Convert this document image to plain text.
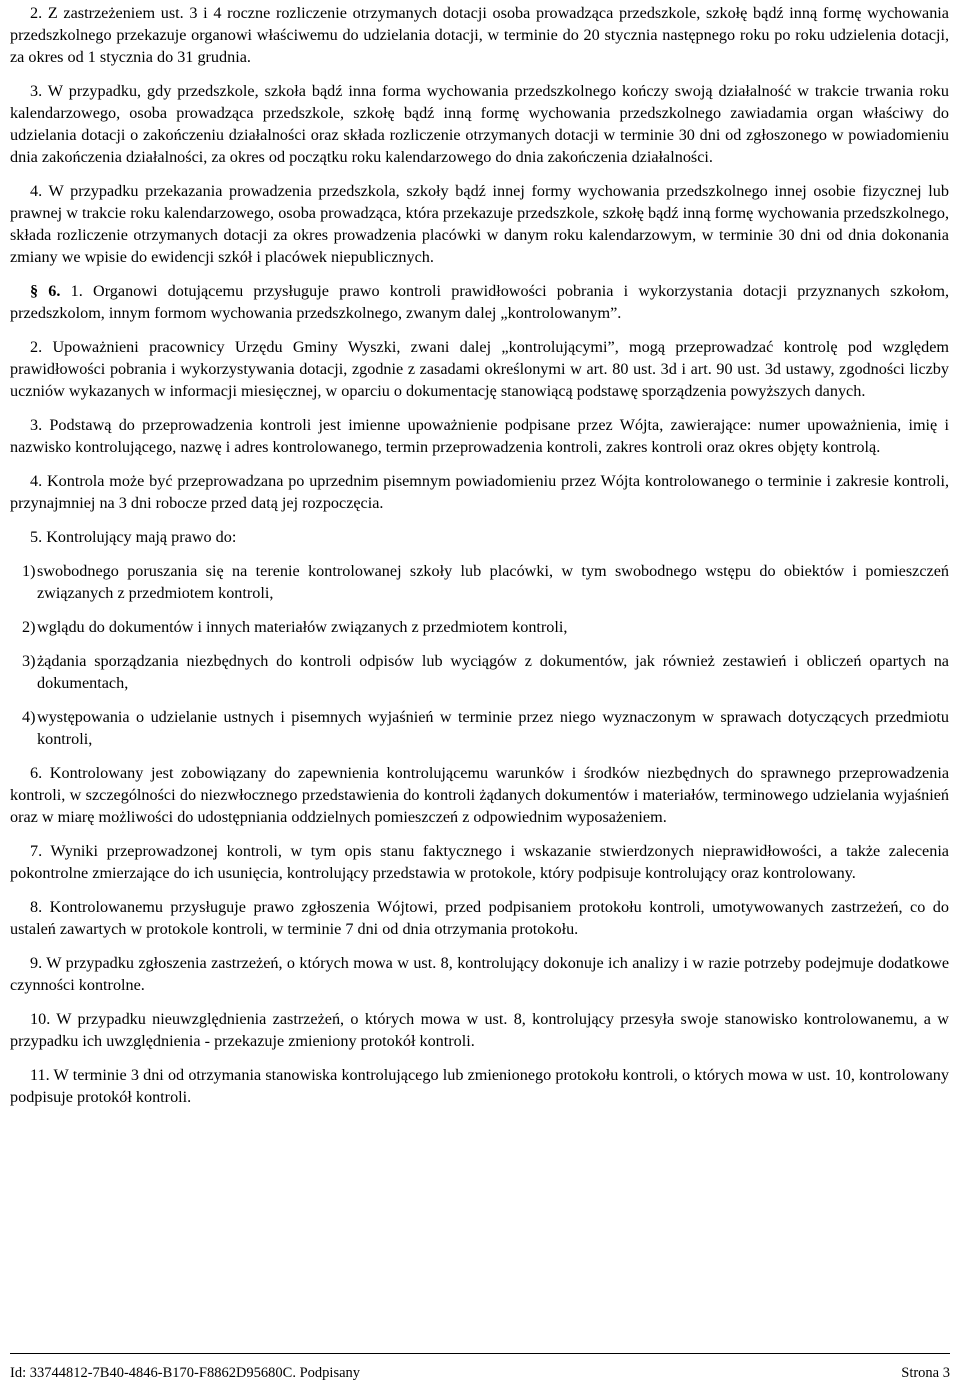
2. Z zastrzeżeniem ust. 3 i 4 roczne rozliczenie otrzymanych dotacji osoba prowadząca przedszkole, szkołę bądź inną formę wychowania przedszkolnego przekazuje organowi właściwemu do udzielania dotacji, w terminie do 20 stycznia następnego roku po roku udzielenia dotacji, za okres od 1 stycznia do 31 grudnia.

3. W przypadku, gdy przedszkole, szkoła bądź inna forma wychowania przedszkolnego kończy swoją działalność w trakcie trwania roku kalendarzowego, osoba prowadząca przedszkole, szkołę bądź inną formę wychowania przedszkolnego zawiadamia organ właściwy do udzielania dotacji o zakończeniu działalności oraz składa rozliczenie otrzymanych dotacji w terminie 30 dni od zgłoszonego w powiadomieniu dnia zakończenia działalności, za okres od początku roku kalendarzowego do dnia zakończenia działalności.

4. W przypadku przekazania prowadzenia przedszkola, szkoły bądź innej formy wychowania przedszkolnego innej osobie fizycznej lub prawnej w trakcie roku kalendarzowego, osoba prowadząca, która przekazuje przedszkole, szkołę bądź inną formę wychowania przedszkolnego, składa rozliczenie otrzymanych dotacji za okres prowadzenia placówki w danym roku kalendarzowym, w terminie 30 dni od dnia dokonania zmiany we wpisie do ewidencji szkół i placówek niepublicznych.

§ 6. 1. Organowi dotującemu przysługuje prawo kontroli prawidłowości pobrania i wykorzystania dotacji przyznanych szkołom, przedszkolom, innym formom wychowania przedszkolnego, zwanym dalej „kontrolowanym”.

2. Upoważnieni pracownicy Urzędu Gminy Wyszki, zwani dalej „kontrolującymi”, mogą przeprowadzać kontrolę pod względem prawidłowości pobrania i wykorzystywania dotacji, zgodnie z zasadami określonymi w art. 80 ust. 3d i art. 90 ust. 3d ustawy, zgodności liczby uczniów wykazanych w informacji miesięcznej, w oparciu o dokumentację stanowiącą podstawę sporządzenia powyższych danych.

3. Podstawą do przeprowadzenia kontroli jest imienne upoważnienie podpisane przez Wójta, zawierające: numer upoważnienia, imię i nazwisko kontrolującego, nazwę i adres kontrolowanego, termin przeprowadzenia kontroli, zakres kontroli oraz okres objęty kontrolą.

4. Kontrola może być przeprowadzana po uprzednim pisemnym powiadomieniu przez Wójta kontrolowanego o terminie i zakresie kontroli, przynajmniej na 3 dni robocze przed datą jej rozpoczęcia.

5. Kontrolujący mają prawo do:

1) swobodnego poruszania się na terenie kontrolowanej szkoły lub placówki, w tym swobodnego wstępu do obiektów i pomieszczeń związanych z przedmiotem kontroli,

2) wglądu do dokumentów i innych materiałów związanych z przedmiotem kontroli,

3) żądania sporządzania niezbędnych do kontroli odpisów lub wyciągów z dokumentów, jak również zestawień i obliczeń opartych na dokumentach,

4) występowania o udzielanie ustnych i pisemnych wyjaśnień w terminie przez niego wyznaczonym w sprawach dotyczących przedmiotu kontroli,

6. Kontrolowany jest zobowiązany do zapewnienia kontrolującemu warunków i środków niezbędnych do sprawnego przeprowadzenia kontroli, w szczególności do niezwłocznego przedstawienia do kontroli żądanych dokumentów i materiałów, terminowego udzielania wyjaśnień oraz w miarę możliwości do udostępniania oddzielnych pomieszczeń z odpowiednim wyposażeniem.

7. Wyniki przeprowadzonej kontroli, w tym opis stanu faktycznego i wskazanie stwierdzonych nieprawidłowości, a także zalecenia pokontrolne zmierzające do ich usunięcia, kontrolujący przedstawia w protokole, który podpisuje kontrolujący oraz kontrolowany.

8. Kontrolowanemu przysługuje prawo zgłoszenia Wójtowi, przed podpisaniem protokołu kontroli, umotywowanych zastrzeżeń, co do ustaleń zawartych w protokole kontroli, w terminie 7 dni od dnia otrzymania protokołu.

9. W przypadku zgłoszenia zastrzeżeń, o których mowa w ust. 8, kontrolujący dokonuje ich analizy i w razie potrzeby podejmuje dodatkowe czynności kontrolne.

10. W przypadku nieuwzględnienia zastrzeżeń, o których mowa w ust. 8, kontrolujący przesyła swoje stanowisko kontrolowanemu, a w przypadku ich uwzględnienia - przekazuje zmieniony protokół kontroli.

11. W terminie 3 dni od otrzymania stanowiska kontrolującego lub zmienionego protokołu kontroli, o których mowa w ust. 10, kontrolowany podpisuje protokół kontroli.

Id: 33744812-7B40-4846-B170-F8862D95680C. Podpisany	Strona 3
